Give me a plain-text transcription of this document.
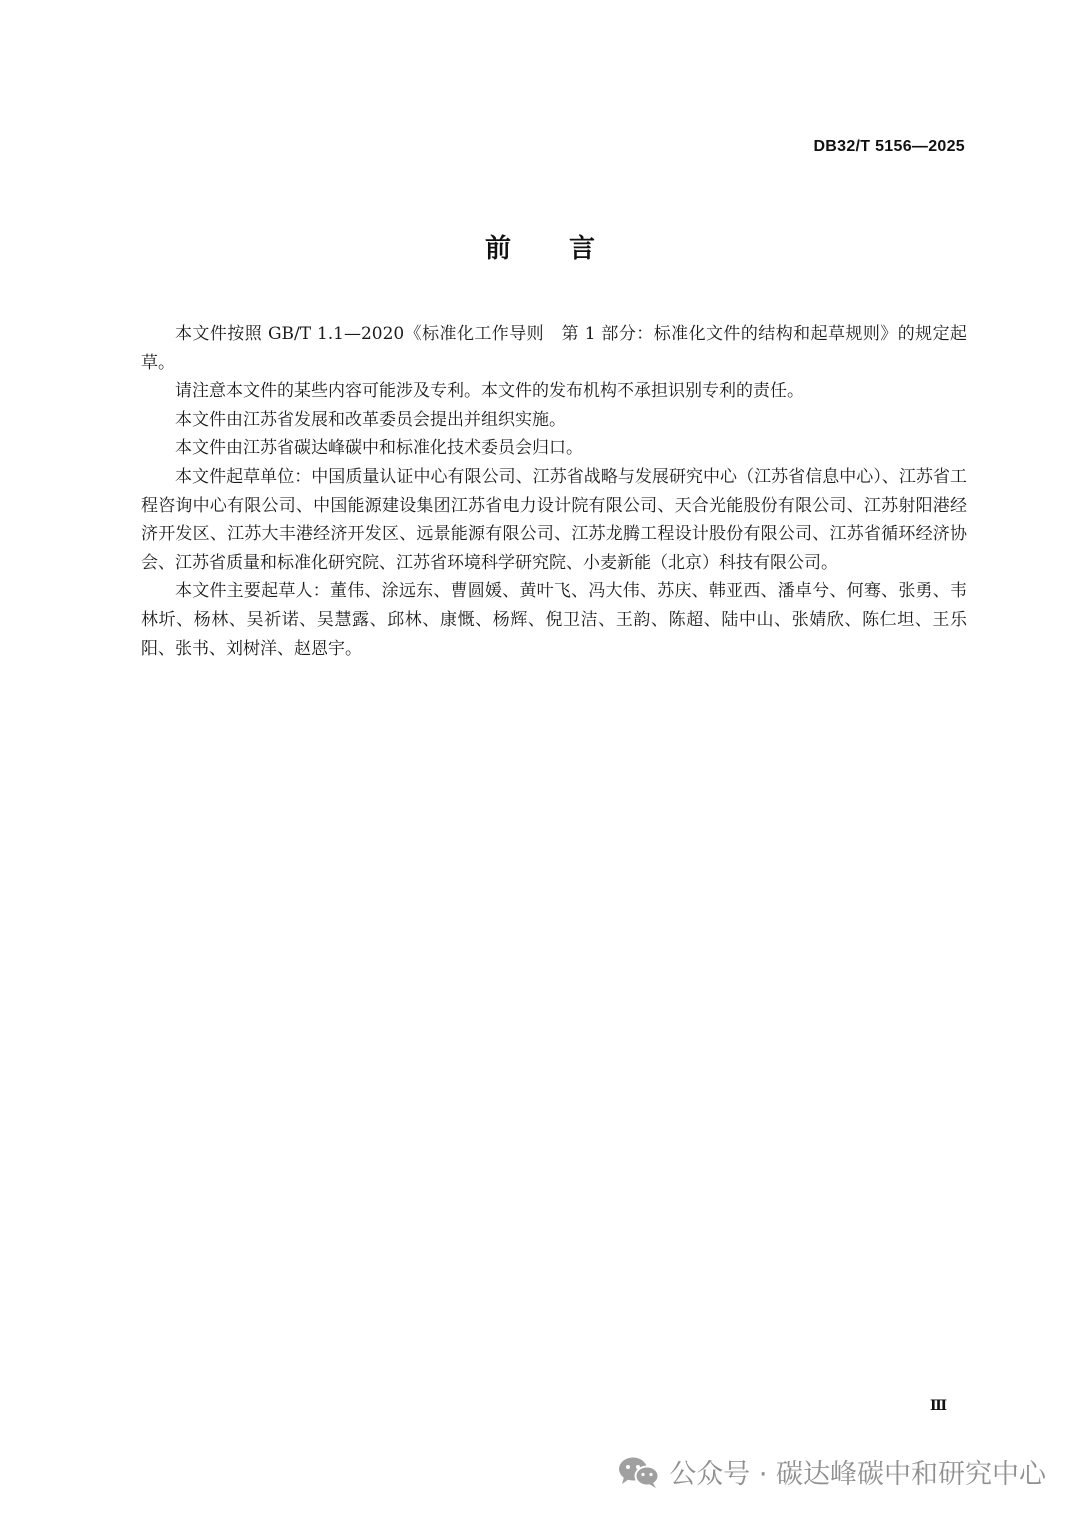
DB32/T 5156—2025
前言

本文件按照 GB/T 1.1—2020《标准化工作导则　第 1 部分：标准化文件的结构和起草规则》的规定起草。

请注意本文件的某些内容可能涉及专利。本文件的发布机构不承担识别专利的责任。

本文件由江苏省发展和改革委员会提出并组织实施。

本文件由江苏省碳达峰碳中和标准化技术委员会归口。

本文件起草单位：中国质量认证中心有限公司、江苏省战略与发展研究中心（江苏省信息中心）、江苏省工程咨询中心有限公司、中国能源建设集团江苏省电力设计院有限公司、天合光能股份有限公司、江苏射阳港经济开发区、江苏大丰港经济开发区、远景能源有限公司、江苏龙腾工程设计股份有限公司、江苏省循环经济协会、江苏省质量和标准化研究院、江苏省环境科学研究院、小麦新能（北京）科技有限公司。

本文件主要起草人：董伟、涂远东、曹圆媛、黄叶飞、冯大伟、苏庆、韩亚西、潘卓兮、何骞、张勇、韦林圻、杨林、吴祈诺、吴慧露、邱林、康慨、杨辉、倪卫洁、王韵、陈超、陆中山、张婧欣、陈仁坦、王乐阳、张书、刘树洋、赵恩宇。

Ⅲ
公众号 · 碳达峰碳中和研究中心
